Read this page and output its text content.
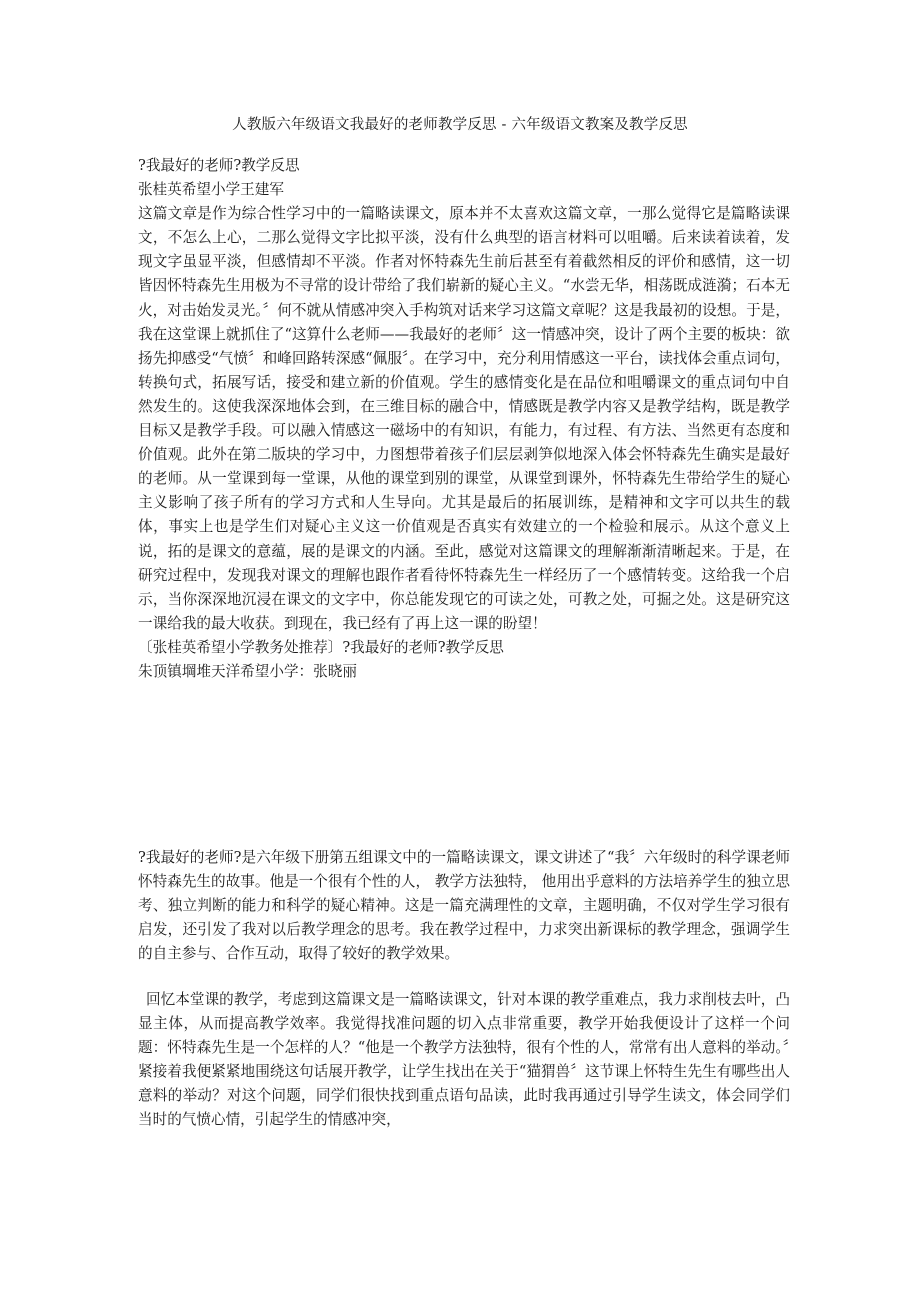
人教版六年级语文我最好的老师教学反思 - 六年级语文教案及教学反思

?我最好的老师?教学反思

张桂英希望小学王建军

这篇文章是作为综合性学习中的一篇略读课文，原本并不太喜欢这篇文章，一那么觉得它是篇略读课文，不怎么上心，二那么觉得文字比拟平淡，没有什么典型的语言材料可以咀嚼。后来读着读着，发现文字虽显平淡，但感情却不平淡。作者对怀特森先生前后甚至有着截然相反的评价和感情，这一切皆因怀特森先生用极为不寻常的设计带给了我们崭新的疑心主义。“水尝无华，相荡既成涟漪；石本无火，对击始发灵光。〞何不就从情感冲突入手构筑对话来学习这篇文章呢？这是我最初的设想。于是，我在这堂课上就抓住了“这算什么老师——我最好的老师〞这一情感冲突，设计了两个主要的板块：欲扬先抑感受“气愤〞和峰回路转深感“佩服〞。在学习中，充分利用情感这一平台，读找体会重点词句，转换句式，拓展写话，接受和建立新的价值观。学生的感情变化是在品位和咀嚼课文的重点词句中自然发生的。这使我深深地体会到，在三维目标的融合中，情感既是教学内容又是教学结构，既是教学目标又是教学手段。可以融入情感这一磁场中的有知识，有能力，有过程、有方法、当然更有态度和价值观。此外在第二版块的学习中，力图想带着孩子们层层剥笋似地深入体会怀特森先生确实是最好的老师。从一堂课到每一堂课，从他的课堂到别的课堂，从课堂到课外，怀特森先生带给学生的疑心主义影响了孩子所有的学习方式和人生导向。尤其是最后的拓展训练，是精神和文字可以共生的载体，事实上也是学生们对疑心主义这一价值观是否真实有效建立的一个检验和展示。从这个意义上说，拓的是课文的意蕴，展的是课文的内涵。至此，感觉对这篇课文的理解渐渐清晰起来。于是，在研究过程中，发现我对课文的理解也跟作者看待怀特森先生一样经历了一个感情转变。这给我一个启示，当你深深地沉浸在课文的文字中，你总能发现它的可读之处，可教之处，可掘之处。这是研究这一课给我的最大收获。到现在，我已经有了再上这一课的盼望！

〔张桂英希望小学教务处推荐〕?我最好的老师?教学反思

朱顶镇堈堆天洋希望小学：张晓丽

?我最好的老师?是六年级下册第五组课文中的一篇略读课文，课文讲述了“我〞六年级时的科学课老师怀特森先生的故事。他是一个很有个性的人， 教学方法独特， 他用出乎意料的方法培养学生的独立思考、独立判断的能力和科学的疑心精神。这是一篇充满理性的文章，主题明确，不仅对学生学习很有启发，还引发了我对以后教学理念的思考。我在教学过程中，力求突出新课标的教学理念，强调学生的自主参与、合作互动，取得了较好的教学效果。

回忆本堂课的教学，考虑到这篇课文是一篇略读课文，针对本课的教学重难点，我力求削枝去叶，凸显主体，从而提高教学效率。我觉得找准问题的切入点非常重要，教学开始我便设计了这样一个问题：怀特森先生是一个怎样的人？“他是一个教学方法独特，很有个性的人，常常有出人意料的举动。〞紧接着我便紧紧地围绕这句话展开教学，让学生找出在关于“猫猬兽〞这节课上怀特生先生有哪些出人意料的举动？对这个问题，同学们很快找到重点语句品读，此时我再通过引导学生读文，体会同学们当时的气愤心情，引起学生的情感冲突，
